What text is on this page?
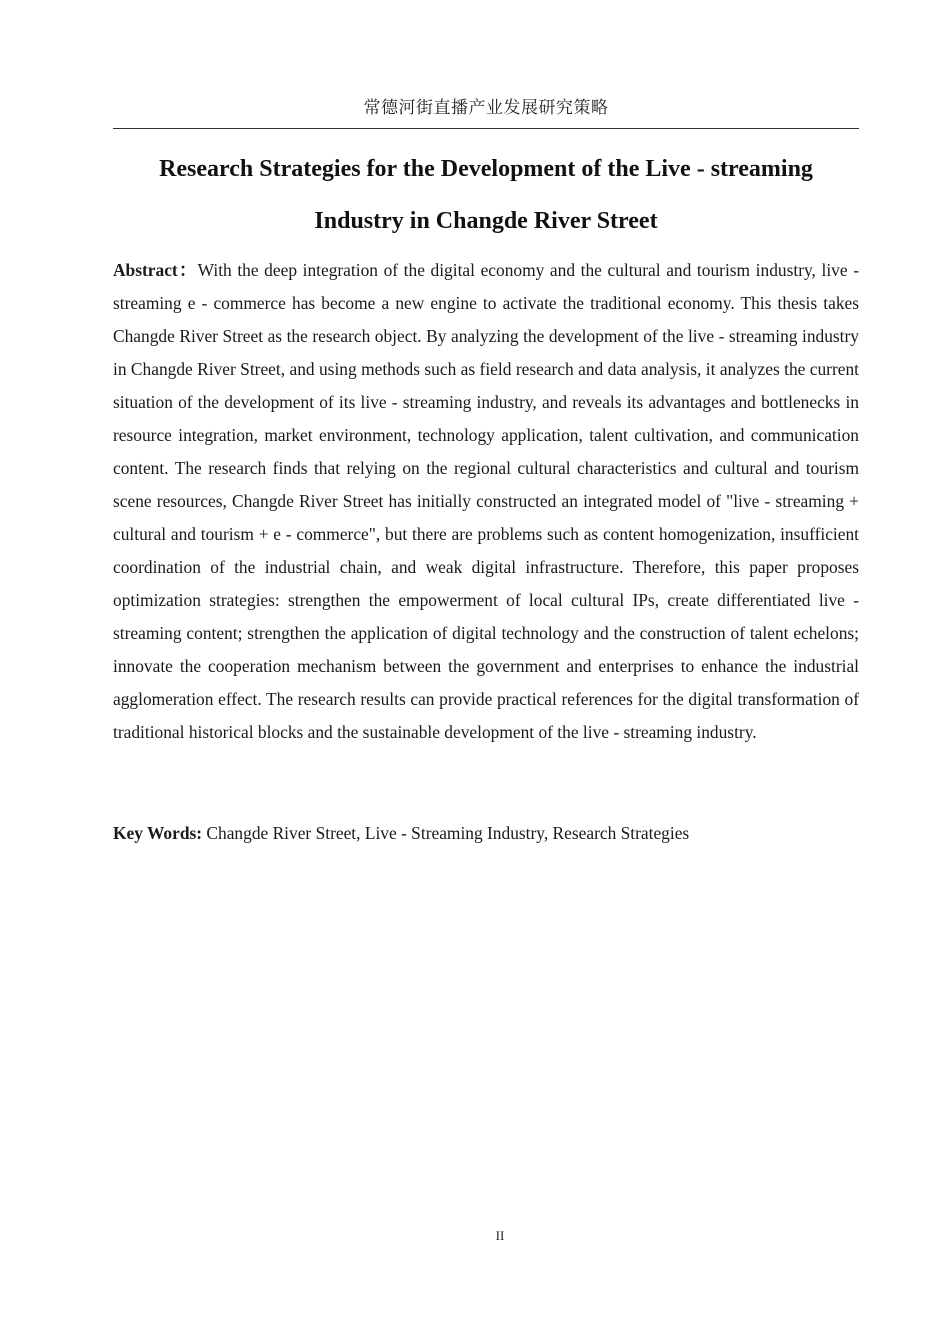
常德河街直播产业发展研究策略
Research Strategies for the Development of the Live - streaming Industry in Changde River Street

Abstract：With the deep integration of the digital economy and the cultural and tourism industry, live - streaming e - commerce has become a new engine to activate the traditional economy. This thesis takes Changde River Street as the research object. By analyzing the development of the live - streaming industry in Changde River Street, and using methods such as field research and data analysis, it analyzes the current situation of the development of its live - streaming industry, and reveals its advantages and bottlenecks in resource integration, market environment, technology application, talent cultivation, and communication content. The research finds that relying on the regional cultural characteristics and cultural and tourism scene resources, Changde River Street has initially constructed an integrated model of "live - streaming + cultural and tourism + e - commerce", but there are problems such as content homogenization, insufficient coordination of the industrial chain, and weak digital infrastructure. Therefore, this paper proposes optimization strategies: strengthen the empowerment of local cultural IPs, create differentiated live - streaming content; strengthen the application of digital technology and the construction of talent echelons; innovate the cooperation mechanism between the government and enterprises to enhance the industrial agglomeration effect. The research results can provide practical references for the digital transformation of traditional historical blocks and the sustainable development of the live - streaming industry.

Key Words: Changde River Street, Live - Streaming Industry, Research Strategies

II
